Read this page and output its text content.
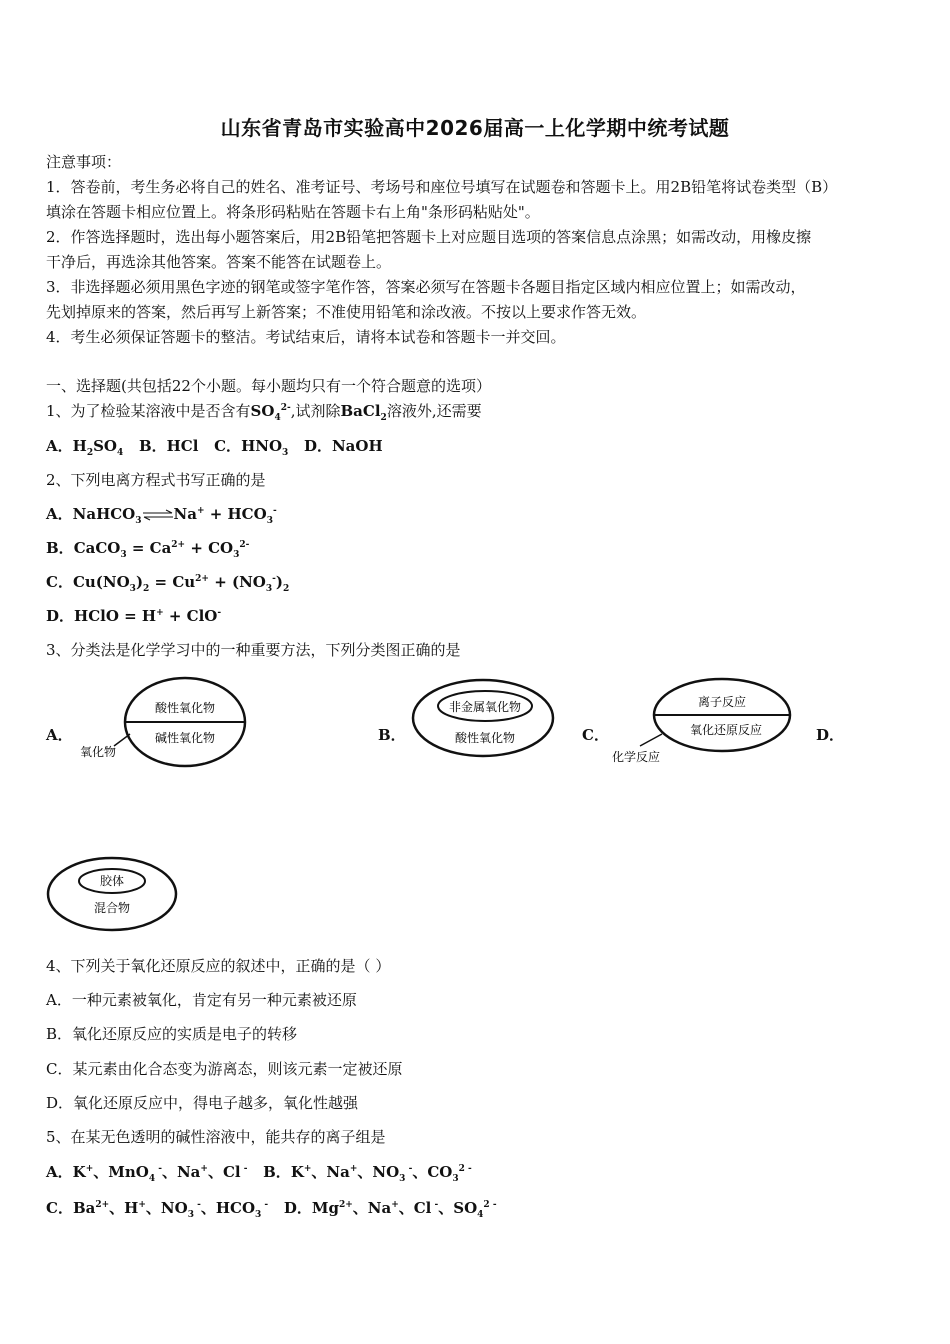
山东省青岛市实验高中2026届高一上化学期中统考试题
注意事项：
1．答卷前，考生务必将自己的姓名、准考证号、考场号和座位号填写在试题卷和答题卡上。用2B铅笔将试卷类型（B）
填涂在答题卡相应位置上。将条形码粘贴在答题卡右上角"条形码粘贴处"。
2．作答选择题时，选出每小题答案后，用2B铅笔把答题卡上对应题目选项的答案信息点涂黑；如需改动，用橡皮擦
干净后，再选涂其他答案。答案不能答在试题卷上。
3．非选择题必须用黑色字迹的钢笔或签字笔作答，答案必须写在答题卡各题目指定区域内相应位置上；如需改动，
先划掉原来的答案，然后再写上新答案；不准使用铅笔和涂改液。不按以上要求作答无效。
4．考生必须保证答题卡的整洁。考试结束后，请将本试卷和答题卡一并交回。
一、选择题(共包括22个小题。每小题均只有一个符合题意的选项）
1、为了检验某溶液中是否含有$SO_4^{2-}$,试剂除BaCl$_2$溶液外,还需要
A．$H_2SO_4$ B．HCl C．$HNO_3$ D．NaOH
2、下列电离方程式书写正确的是
A．NaHCO$_3$⇌Na+ + $HCO_3^-$
B．CaCO$_3$ = $Ca^{2+} + CO_3^{2-}$
C．$Cu(NO_3)_2 = Cu^{2+} + (NO_3^-)_2$
D．HClO = H+ + ClO-
3、分类法是化学学习中的一种重要方法，下列分类图正确的是
A．
酸性氧化物
碱性氧化物
氧化物
B．
非金属氧化物
酸性氧化物	C．
离子反应
氧化还原反应
化学反应
D．
胶体
混合物
4、下列关于氧化还原反应的叙述中，正确的是（ ）
A．一种元素被氧化，肯定有另一种元素被还原
B．氧化还原反应的实质是电子的转移
C．某元素由化合态变为游离态，则该元素一定被还原
D．氧化还原反应中，得电子越多，氧化性越强
5、在某无色透明的碱性溶液中，能共存的离子组是
A．K+、MnO$_4$ -、Na+、Cl - B．K+、Na+、$NO_3$ -、$CO_3^{2 -}$
C．$Ba^{2+}$、H+、$NO_3$ -、$HCO_3$ - D．$Mg^{2+}$、Na+、Cl -、$SO_4^{2 -}$
